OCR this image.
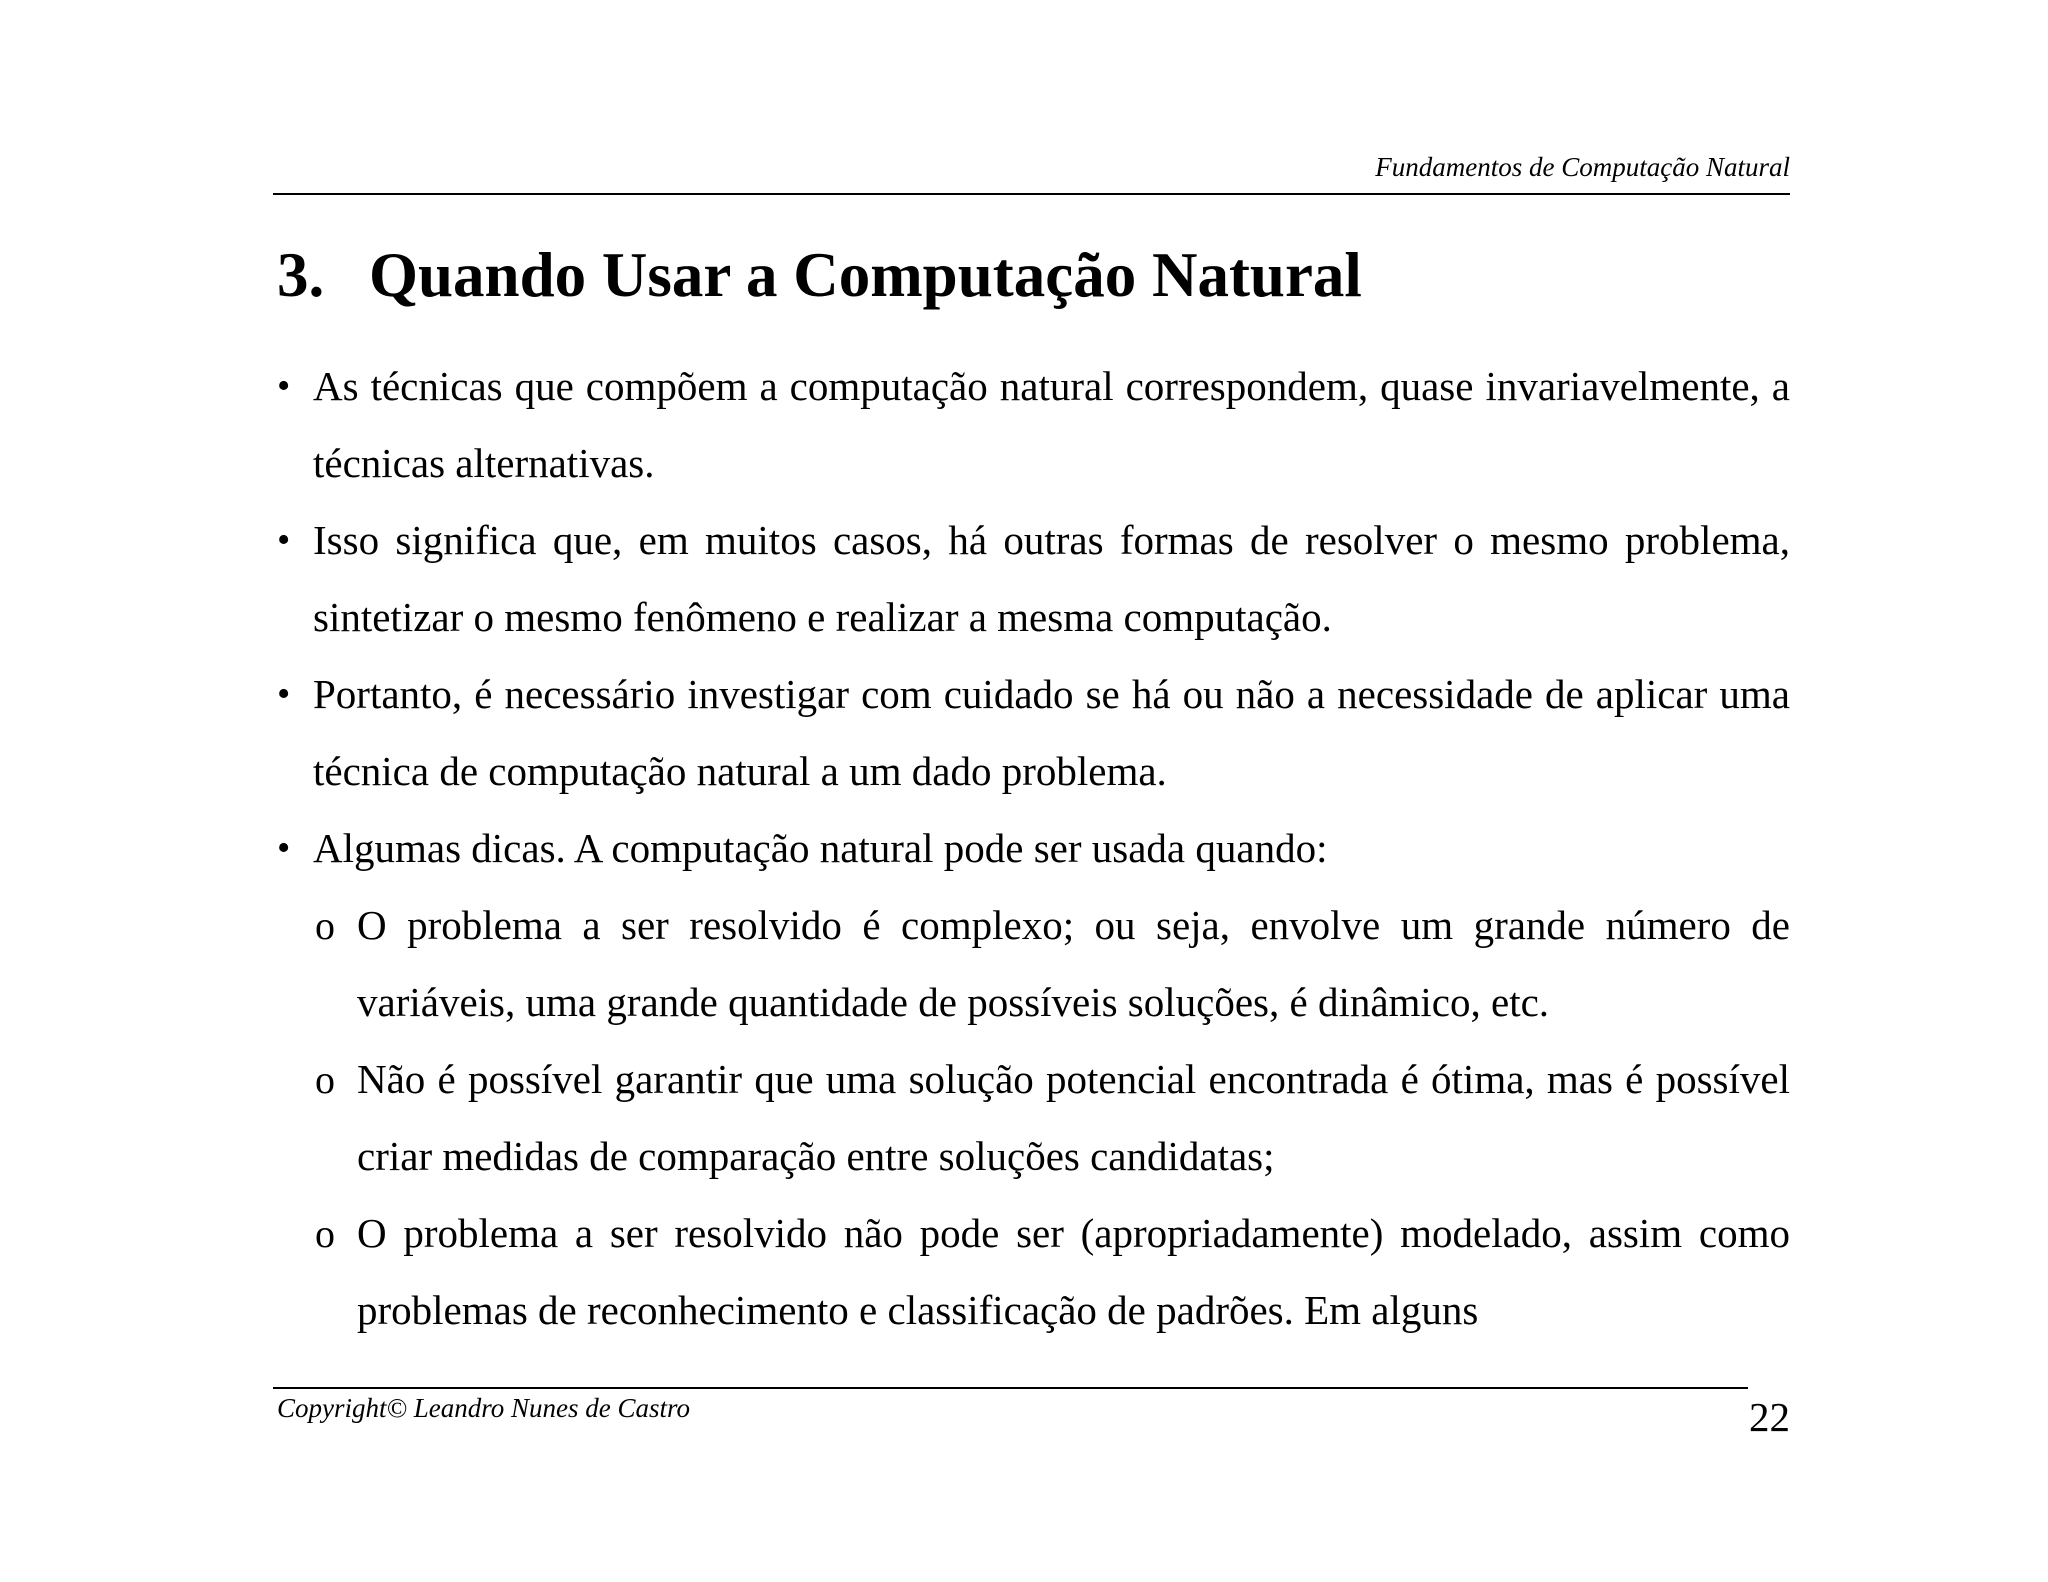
Fundamentos de Computação Natural
3. Quando Usar a Computação Natural
• As técnicas que compõem a computação natural correspondem, quase invariavelmente, a técnicas alternativas.
• Isso significa que, em muitos casos, há outras formas de resolver o mesmo problema, sintetizar o mesmo fenômeno e realizar a mesma computação.
• Portanto, é necessário investigar com cuidado se há ou não a necessidade de aplicar uma técnica de computação natural a um dado problema.
• Algumas dicas. A computação natural pode ser usada quando:
o O problema a ser resolvido é complexo; ou seja, envolve um grande número de variáveis, uma grande quantidade de possíveis soluções, é dinâmico, etc.
o Não é possível garantir que uma solução potencial encontrada é ótima, mas é possível criar medidas de comparação entre soluções candidatas;
o O problema a ser resolvido não pode ser (apropriadamente) modelado, assim como problemas de reconhecimento e classificação de padrões. Em alguns
Copyright© Leandro Nunes de Castro	22
